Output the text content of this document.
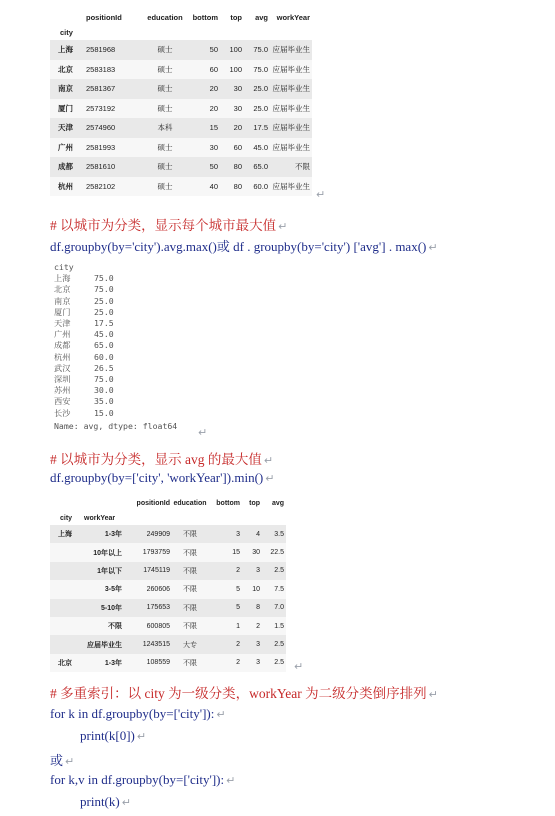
positionId	education	bottom	top	avg	workYear
city
上海	2581968	硕士	50	100	75.0 应届毕业生
北京	2583183	硕士	60	100	75.0 应届毕业生
南京	2581367	硕士	20	30	25.0 应届毕业生
厦门	2573192	硕士	20	30	25.0 应届毕业生
天津	2574960	本科	15	20	17.5 应届毕业生
广州	2581993	硕士	30	60	45.0 应届毕业生
成都	2581610	硕士	50	80	65.0	不限
杭州	2582102	硕士	40	80	60.0 应届毕业生
↵
# 以城市为分类，显示每个城市最大值 ↵
df.groupby(by='city').avg.max()或 df . groupby(by='city') ['avg'] . max() ↵
city
上海	75.0
北京	75.0
南京	25.0
厦门	25.0
天津	17.5
广州	45.0
成都	65.0
杭州	60.0
武汉	26.5
深圳	75.0
苏州	30.0
西安	35.0
长沙	15.0
Name: avg, dtype: float64
↵
# 以城市为分类，显示 avg 的最大值 ↵
df.groupby(by=['city', 'workYear']).min() ↵
positionId education	bottom	top	avg
city	workYear
上海	1-3年	249909	不限	3	4	3.5
10年以上	1793759	不限	15	30	22.5
1年以下	1745119	不限	2	3	2.5
3-5年	260606	不限	5	10	7.5
5-10年	175653	不限	5	8	7.0
不限	600805	不限	1	2	1.5
应届毕业生	1243515	大专	2	3	2.5
北京	1-3年	108559	不限	2	3	2.5 ↵
# 多重索引：以 city 为一级分类，workYear 为二级分类倒序排列 ↵
for k in df.groupby(by=['city']): ↵
print(k[0]) ↵
或 ↵
for k,v in df.groupby(by=['city']): ↵
print(k) ↵
